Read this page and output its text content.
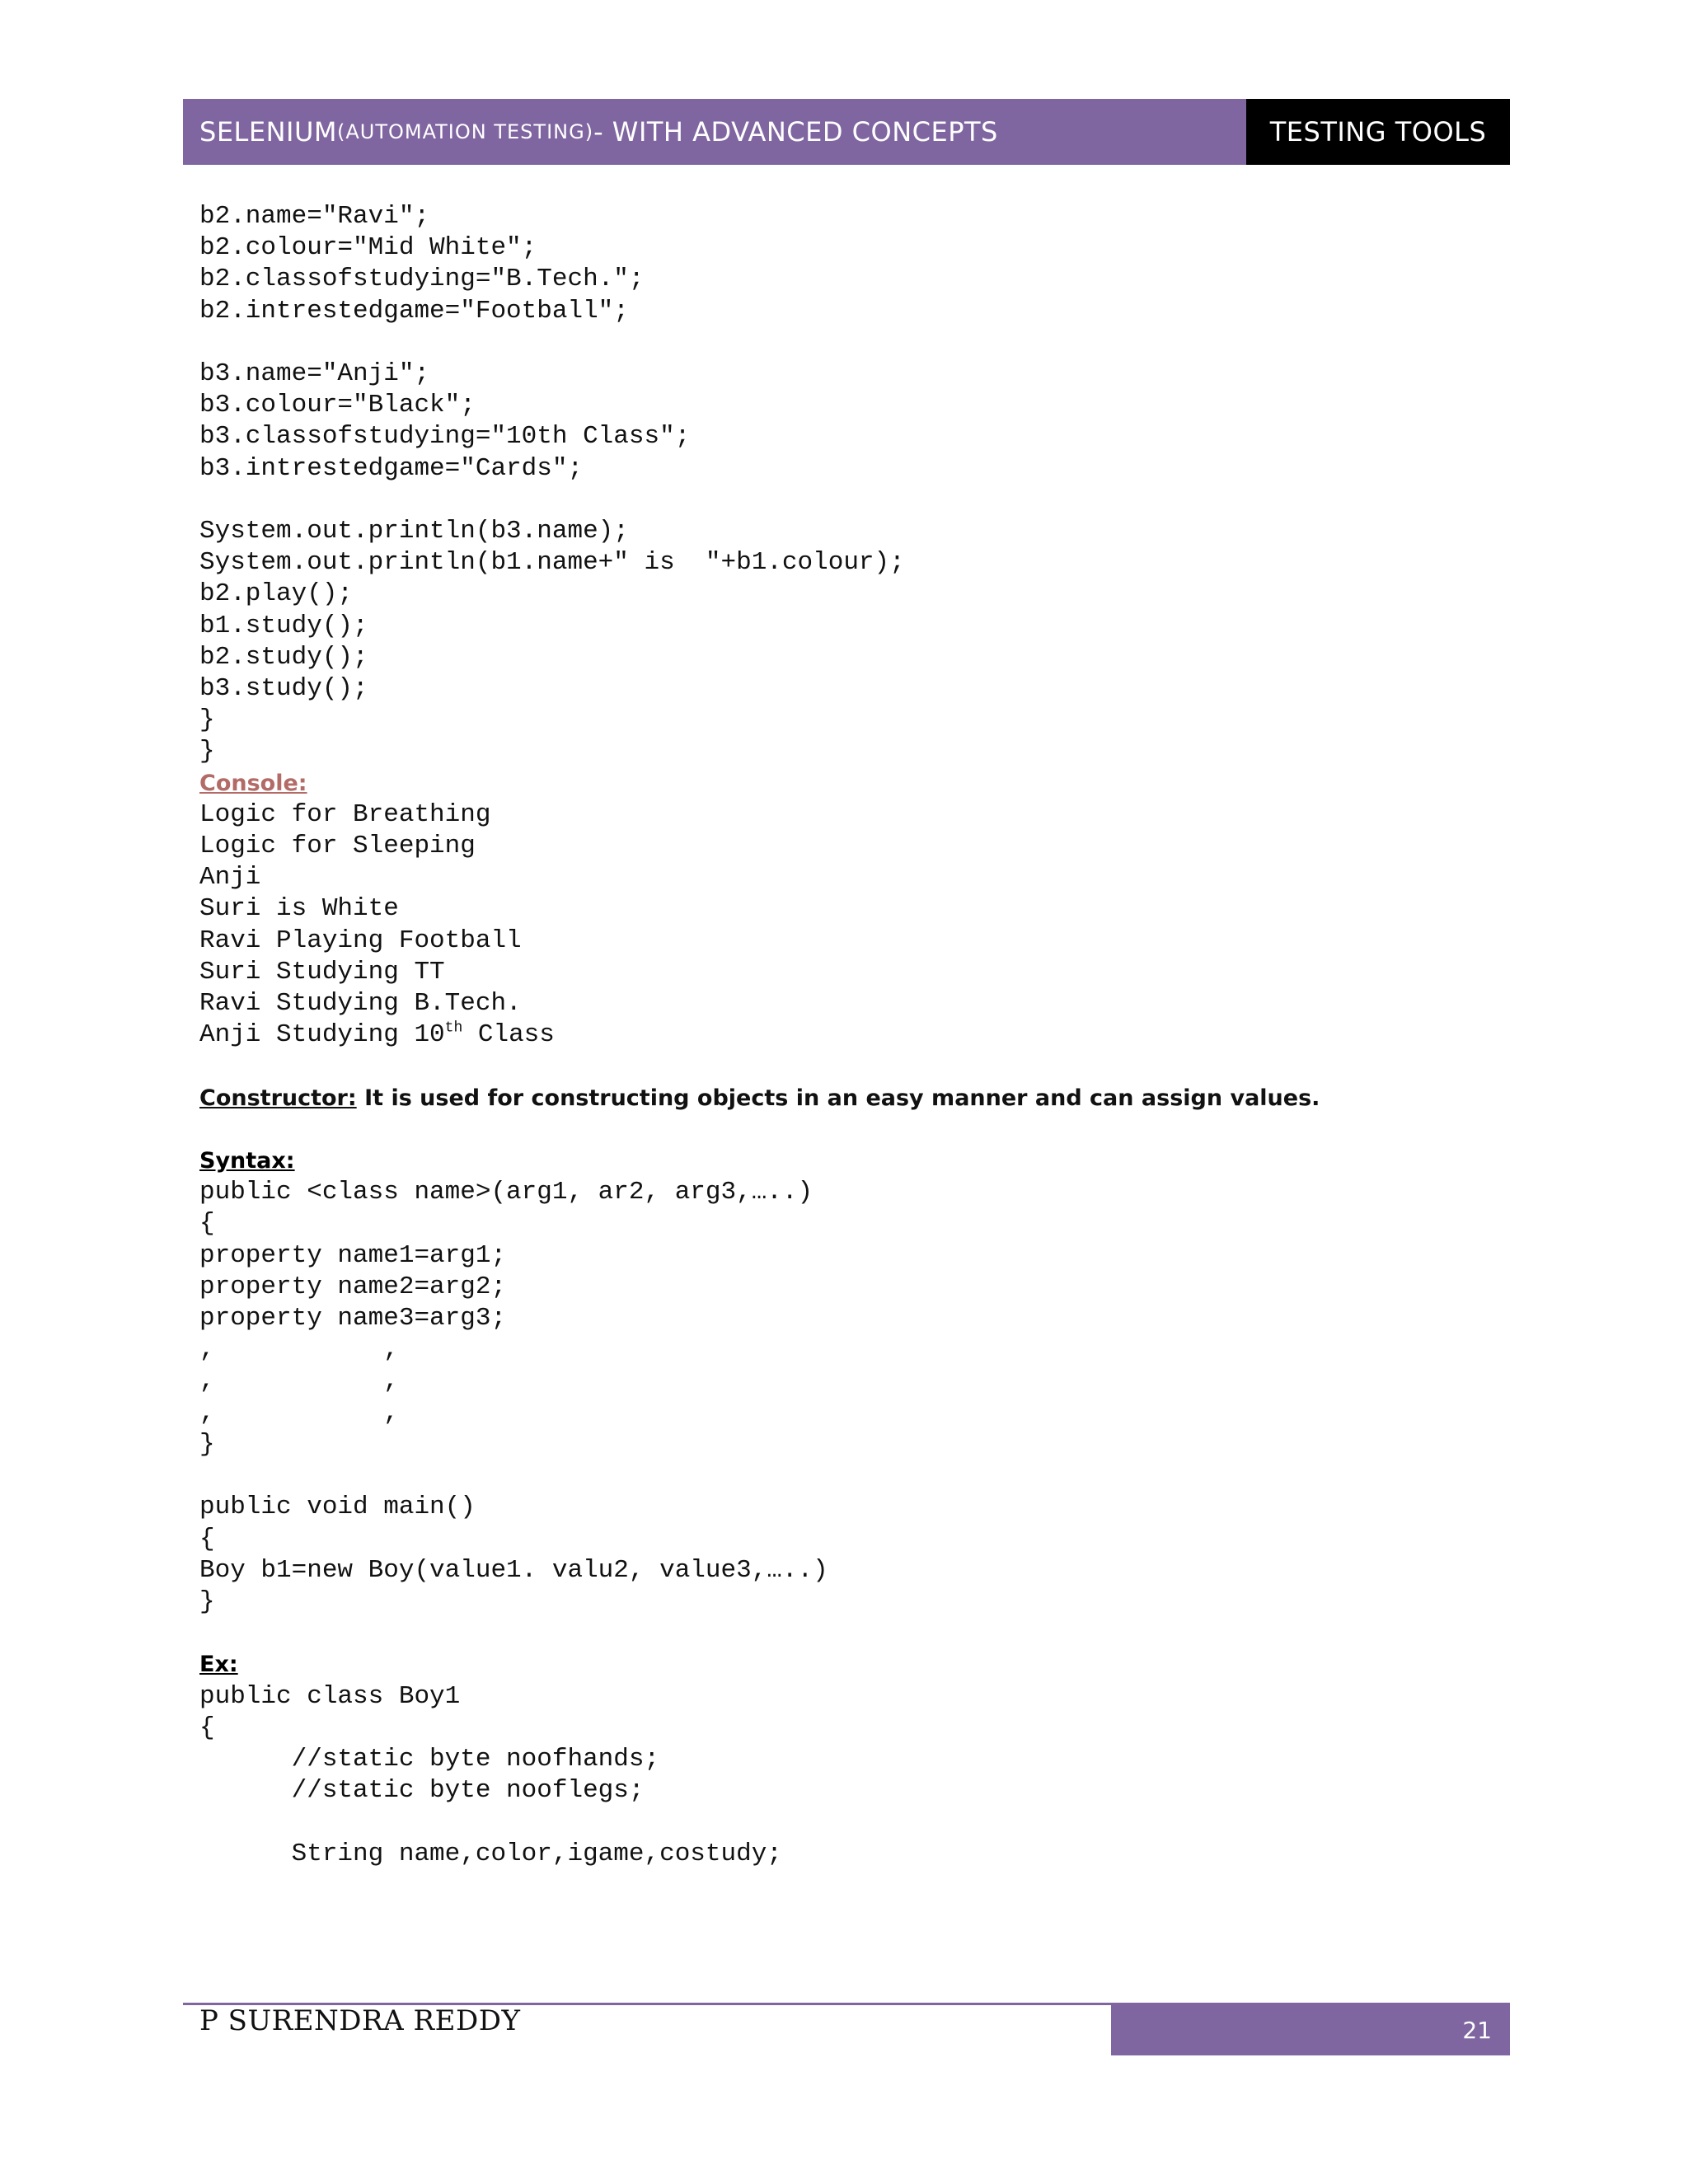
SELENIUM (AUTOMATION TESTING) - WITH ADVANCED CONCEPTS	TESTING TOOLS
b2.name="Ravi";
b2.colour="Mid White";
b2.classofstudying="B.Tech.";
b2.intrestedgame="Football";

b3.name="Anji";
b3.colour="Black";
b3.classofstudying="10th Class";
b3.intrestedgame="Cards";

System.out.println(b3.name);
System.out.println(b1.name+" is  "+b1.colour);
b2.play();
b1.study();
b2.study();
b3.study();
}
}

Console:

Logic for Breathing
Logic for Sleeping
Anji
Suri is White
Ravi Playing Football
Suri Studying TT
Ravi Studying B.Tech.
Anji Studying 10th Class

Constructor: It is used for constructing objects in an easy manner and can assign values.

Syntax:

public <class name>(arg1, ar2, arg3,…..)
{
property name1=arg1;
property name2=arg2;
property name3=arg3;
,           ,
,           ,
,           ,
}

public void main()
{
Boy b1=new Boy(value1. valu2, value3,…..)
}

Ex:

public class Boy1
{
//static byte noofhands;
//static byte nooflegs;

String name,color,igame,costudy;
P SURENDRA REDDY	21
